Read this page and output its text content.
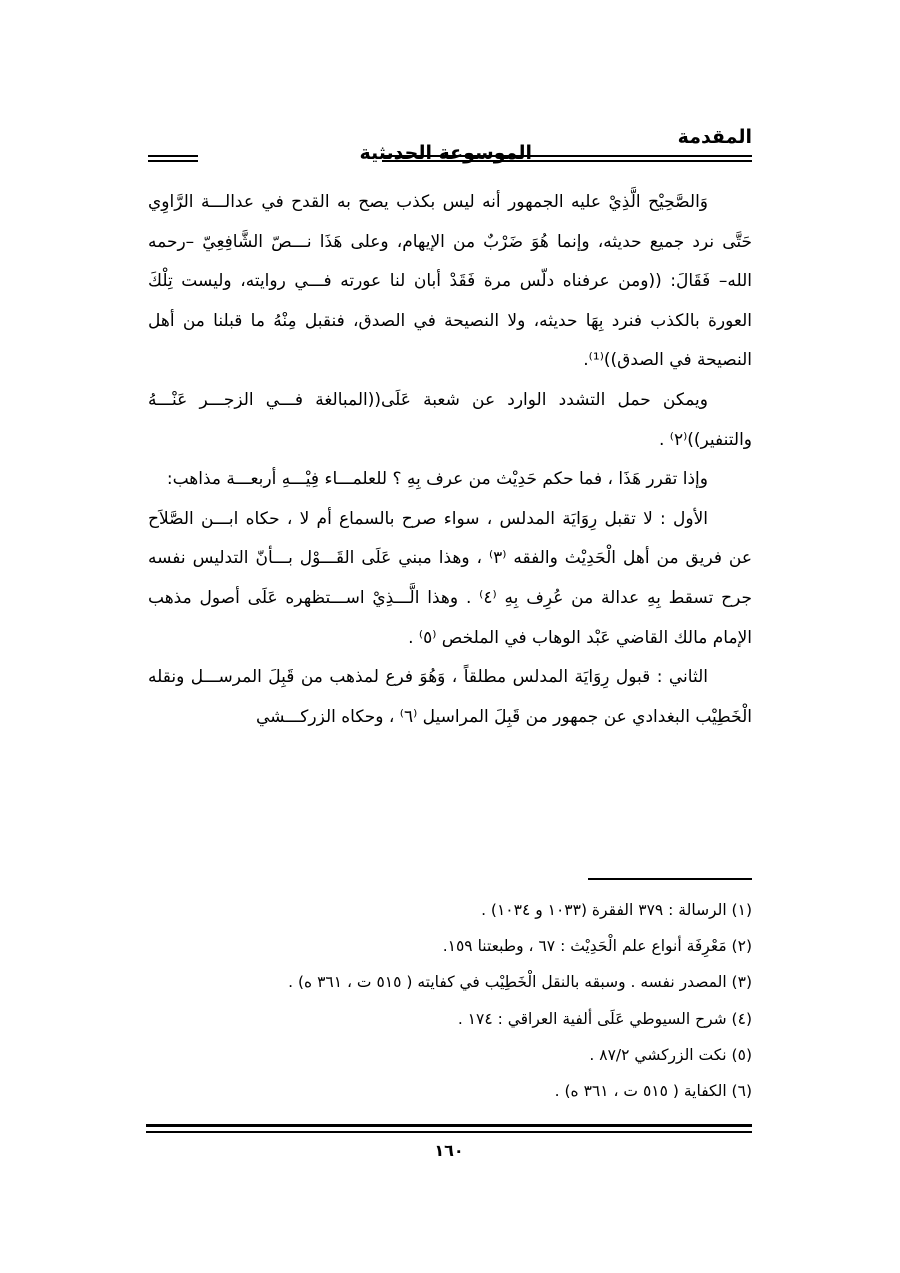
المقدمة
الموسوعة الحديثية

وَالصَّحِيْح الَّذِيْ عليه الجمهور أنه ليس بكذب يصح به القدح في عدالـــة الرَّاوِي حَتَّى نرد جميع حديثه، وإنما هُوَ ضَرْبٌ من الإيهام، وعلى هَذَا نـــصّ الشَّافِعِيّ –رحمه الله– فَقَالَ: ((ومن عرفناه دلّس مرة فَقَدْ أبان لنا عورته فـــي روايته، وليست تِلْكَ العورة بالكذب فنرد بِهَا حديثه، ولا النصيحة في الصدق، فنقبل مِنْهُ ما قبلنا من أهل النصيحة في الصدق))⁽¹⁾.

ويمكن حمل التشدد الوارد عن شعبة عَلَى((المبالغة فـــي الزجـــر عَنْـــهُ والتنفير))⁽٢⁾ .

وإذا تقرر هَذَا ، فما حكم حَدِيْث من عرف بِهِ ؟ للعلمـــاء فِيْـــهِ أربعـــة مذاهب:

الأول : لا تقبل رِوَايَة المدلس ، سواء صرح بالسماع أم لا ، حكاه ابـــن الصَّلاَح عن فريق من أهل الْحَدِيْث والفقه ⁽٣⁾ ، وهذا مبني عَلَى القَـــوْل بـــأنّ التدليس نفسه جرح تسقط بِهِ عدالة من عُرِف بِهِ ⁽٤⁾ . وهذا الَّـــذِيْ اســـتظهره عَلَى أصول مذهب الإمام مالك القاضي عَبْد الوهاب في الملخص ⁽٥⁾ .

الثاني : قبول رِوَايَة المدلس مطلقاً ، وَهُوَ فرع لمذهب من قَبِلَ المرســـل ونقله الْخَطِيْب البغدادي عن جمهور من قَبِلَ المراسيل ⁽٦⁾ ، وحكاه الزركـــشي

(١) الرسالة : ٣٧٩ الفقرة (١٠٣٣ و ١٠٣٤) .

(٢) مَعْرِفَة أنواع علم الْحَدِيْث : ٦٧ ، وطبعتنا ١٥٩.

(٣) المصدر نفسه . وسبقه بالنقل الْخَطِيْب في كفايته ( ٥١٥ ت ، ٣٦١ ه) .

(٤) شرح السيوطي عَلَى ألفية العراقي : ١٧٤ .

(٥) نكت الزركشي ٨٧/٢ .

(٦) الكفاية ( ٥١٥ ت ، ٣٦١ ه) .

١٦٠
